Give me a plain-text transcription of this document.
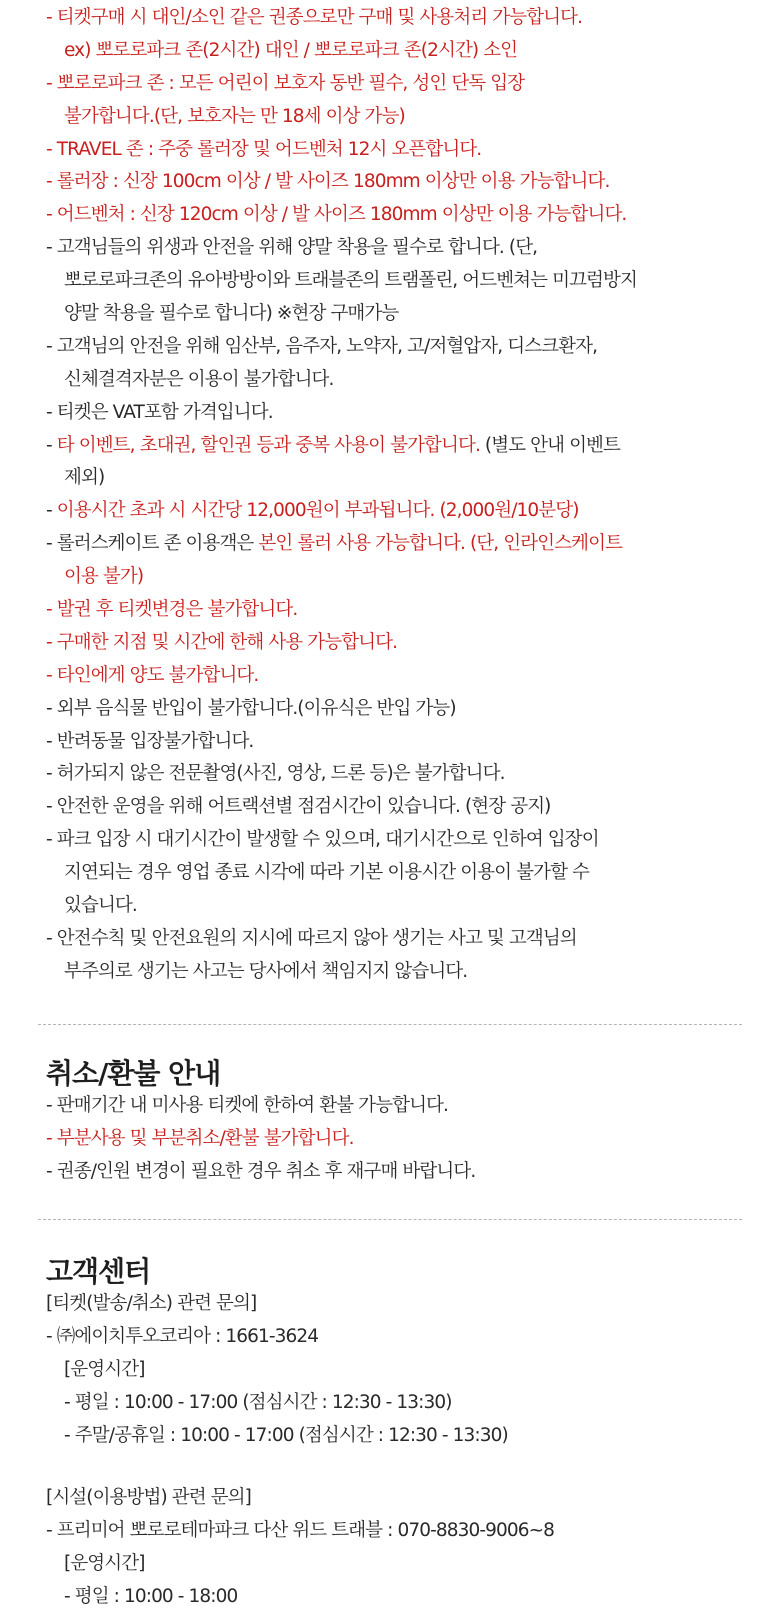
- 티켓구매 시 대인/소인 같은 권종으로만 구매 및 사용처리 가능합니다.
ex) 뽀로로파크 존(2시간) 대인 / 뽀로로파크 존(2시간) 소인
- 뽀로로파크 존 : 모든 어린이 보호자 동반 필수, 성인 단독 입장
불가합니다.(단, 보호자는 만 18세 이상 가능)
- TRAVEL 존 : 주중 롤러장 및 어드벤처 12시 오픈합니다.
- 롤러장 : 신장 100cm 이상 / 발 사이즈 180mm 이상만 이용 가능합니다.
- 어드벤처 : 신장 120cm 이상 / 발 사이즈 180mm 이상만 이용 가능합니다.
- 고객님들의 위생과 안전을 위해 양말 착용을 필수로 합니다. (단,
뽀로로파크존의 유아방방이와 트래블존의 트램폴린, 어드벤쳐는 미끄럼방지
양말 착용을 필수로 합니다) ※현장 구매가능
- 고객님의 안전을 위해 임산부, 음주자, 노약자, 고/저혈압자, 디스크환자,
신체결격자분은 이용이 불가합니다.
- 티켓은 VAT포함 가격입니다.
- 타 이벤트, 초대권, 할인권 등과 중복 사용이 불가합니다. (별도 안내 이벤트
제외)
- 이용시간 초과 시 시간당 12,000원이 부과됩니다. (2,000원/10분당)
- 롤러스케이트 존 이용객은 본인 롤러 사용 가능합니다. (단, 인라인스케이트
이용 불가)
- 발권 후 티켓변경은 불가합니다.
- 구매한 지점 및 시간에 한해 사용 가능합니다.
- 타인에게 양도 불가합니다.
- 외부 음식물 반입이 불가합니다.(이유식은 반입 가능)
- 반려동물 입장불가합니다.
- 허가되지 않은 전문촬영(사진, 영상, 드론 등)은 불가합니다.
- 안전한 운영을 위해 어트랙션별 점검시간이 있습니다. (현장 공지)
- 파크 입장 시 대기시간이 발생할 수 있으며, 대기시간으로 인하여 입장이
지연되는 경우 영업 종료 시각에 따라 기본 이용시간 이용이 불가할 수
있습니다.
- 안전수칙 및 안전요원의 지시에 따르지 않아 생기는 사고 및 고객님의
부주의로 생기는 사고는 당사에서 책임지지 않습니다.
취소/환불 안내
- 판매기간 내 미사용 티켓에 한하여 환불 가능합니다.
- 부분사용 및 부분취소/환불 불가합니다.
- 권종/인원 변경이 필요한 경우 취소 후 재구매 바랍니다.
고객센터
[티켓(발송/취소) 관련 문의]
- ㈜에이치투오코리아 : 1661-3624
[운영시간]
- 평일 : 10:00 - 17:00 (점심시간 : 12:30 - 13:30)
- 주말/공휴일 : 10:00 - 17:00 (점심시간 : 12:30 - 13:30)
[시설(이용방법) 관련 문의]
- 프리미어 뽀로로테마파크 다산 위드 트래블 : 070-8830-9006~8
[운영시간]
- 평일 : 10:00 - 18:00
